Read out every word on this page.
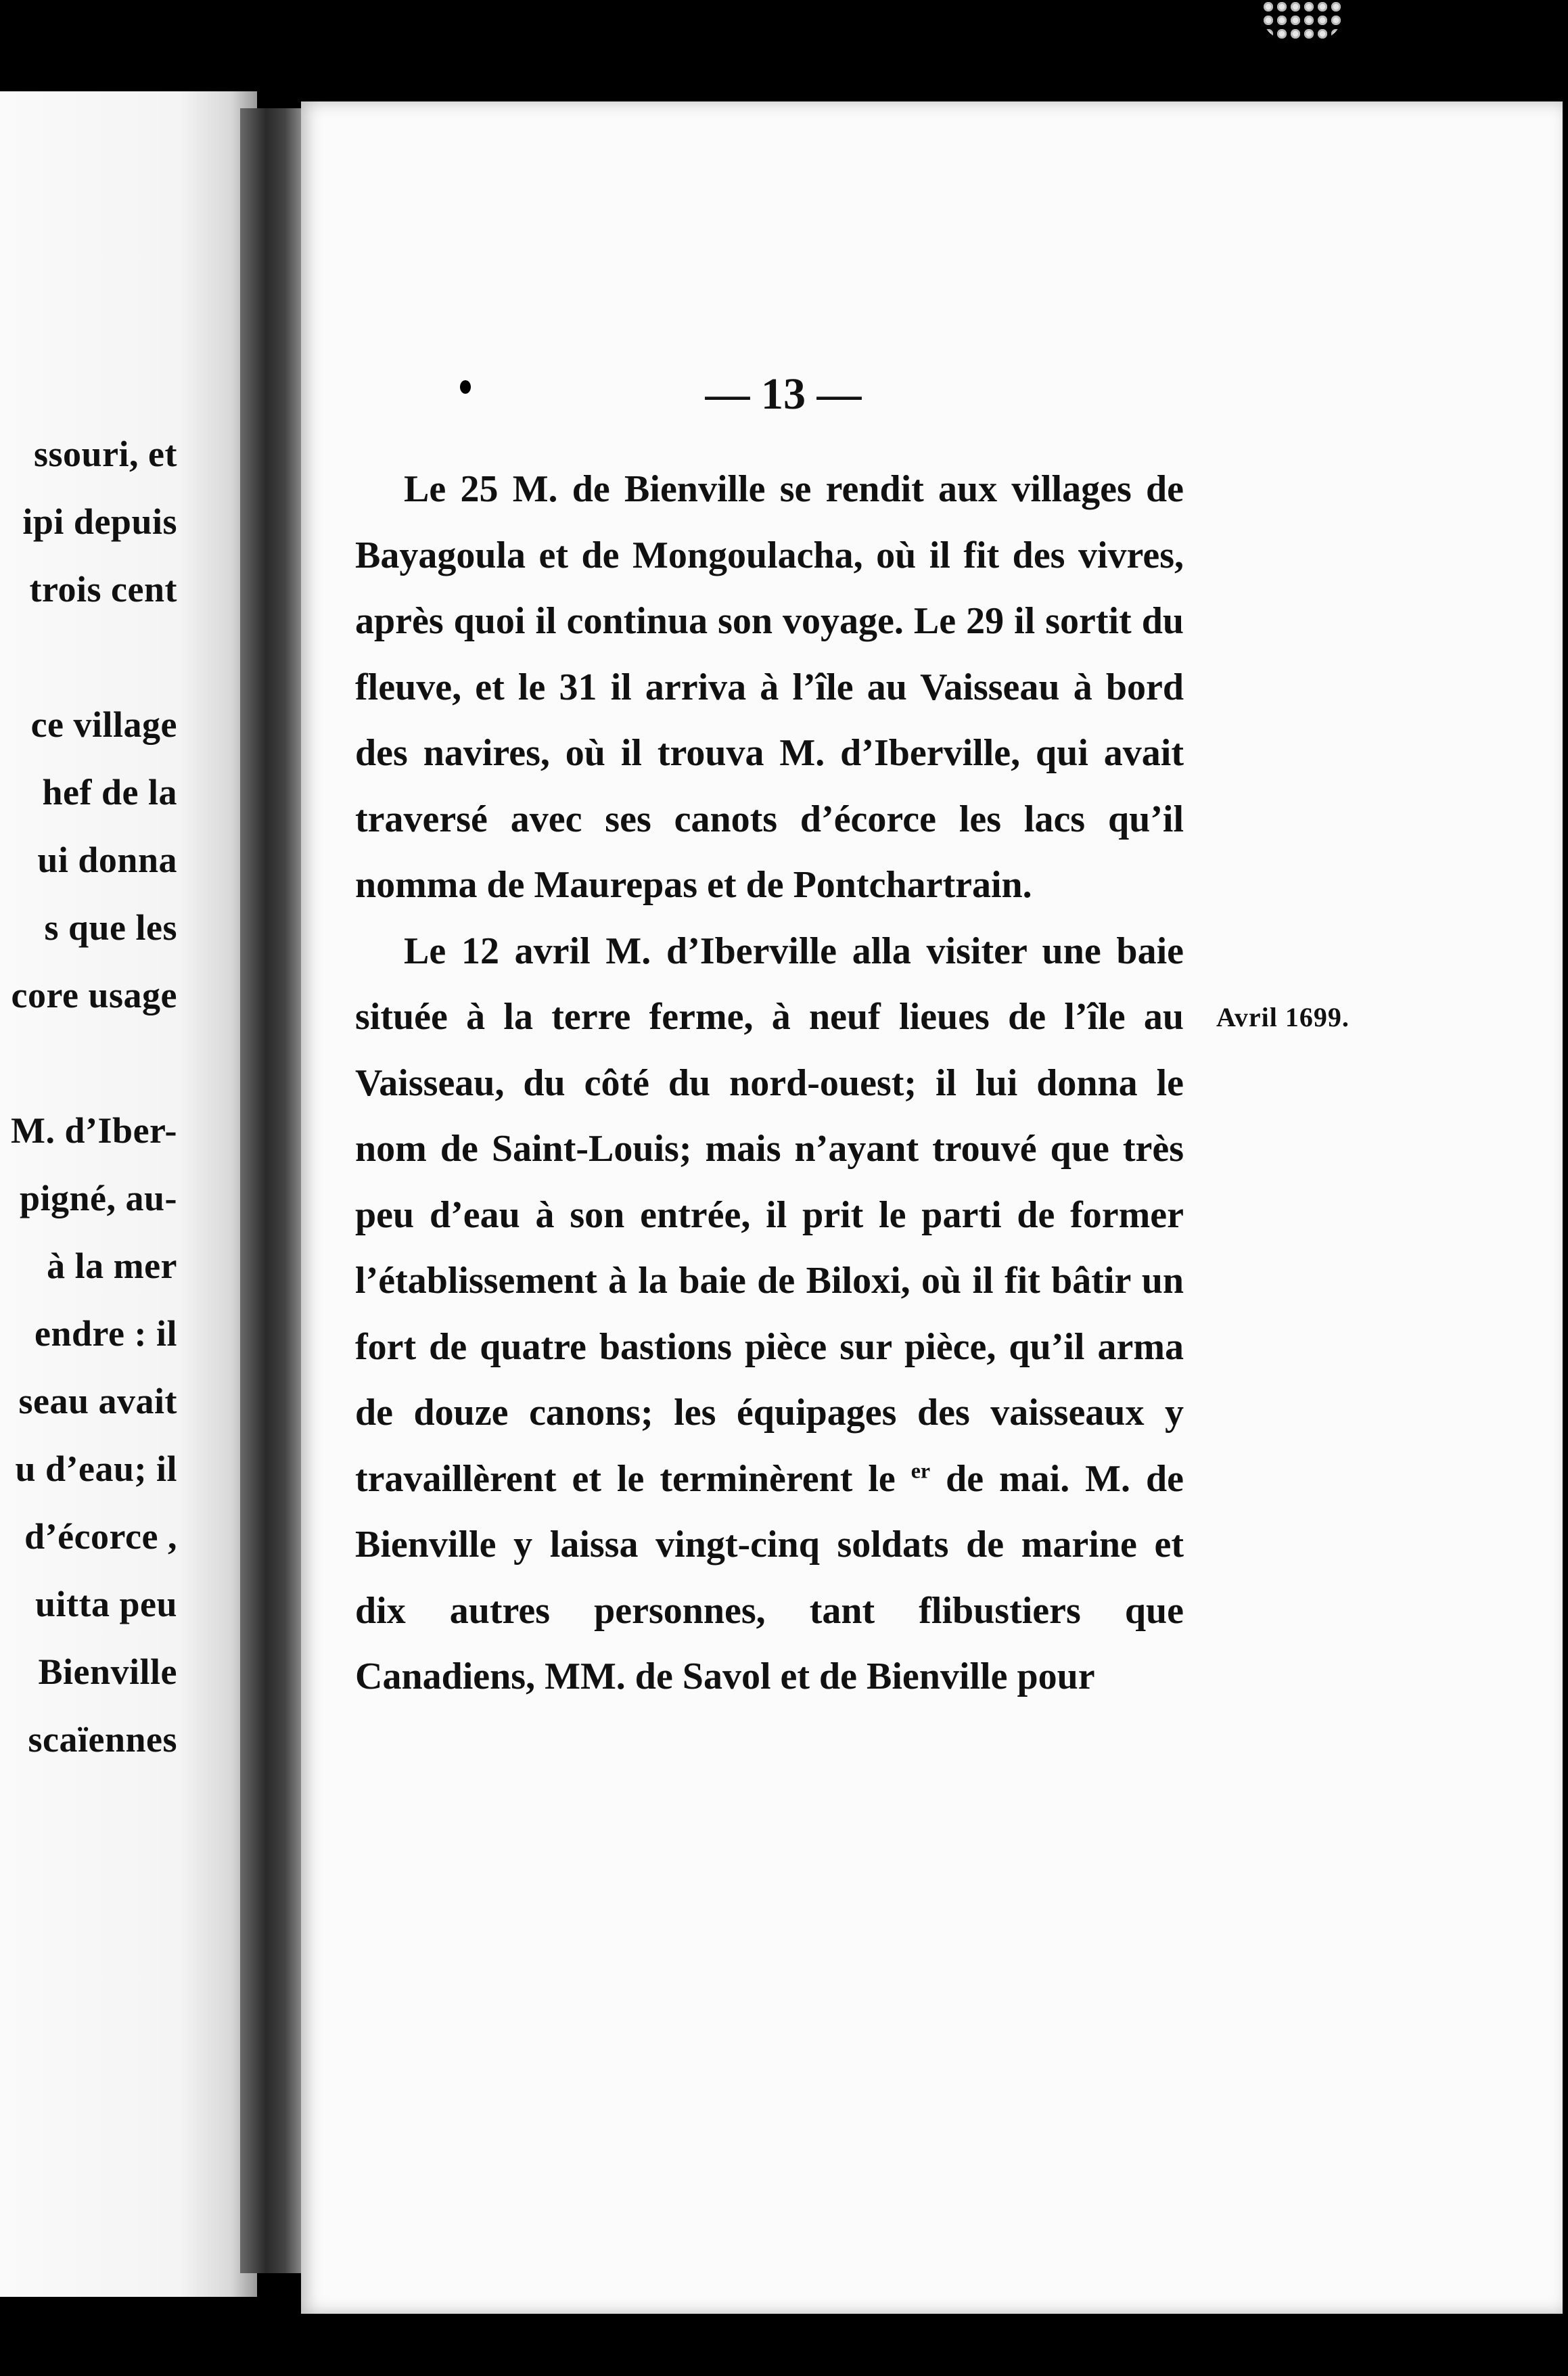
ssouri, et
ipi depuis
trois cent
ce village
hef de la
ui donna
s que les
core usage
M. d’Iber-
pigné, au-
à la mer
endre : il
seau avait
u d’eau; il
d’écorce ,
uitta peu
Bienville
scaïennes
— 13 —

Le 25 M. de Bienville se rendit aux villages de Bayagoula et de Mongoulacha, où il fit des vivres, après quoi il continua son voyage. Le 29 il sortit du fleuve, et le 31 il arriva à l’île au Vaisseau à bord des navires, où il trouva M. d’Iberville, qui avait traversé avec ses canots d’écorce les lacs qu’il nomma de Maurepas et de Pontchartrain.

Le 12 avril M. d’Iberville alla visiter une baie située à la terre ferme, à neuf lieues de l’île au Vaisseau, du côté du nord-ouest; il lui donna le nom de Saint-Louis; mais n’ayant trouvé que très peu d’eau à son entrée, il prit le parti de former l’établissement à la baie de Biloxi, où il fit bâtir un fort de quatre bastions pièce sur pièce, qu’il arma de douze canons; les équipages des vaisseaux y travaillèrent et le terminèrent le $^{er}$ de mai. M. de Bienville y laissa vingt-cinq soldats de marine et dix autres personnes, tant flibustiers que Canadiens, MM. de Savol et de Bienville pour

Avril 1699.
